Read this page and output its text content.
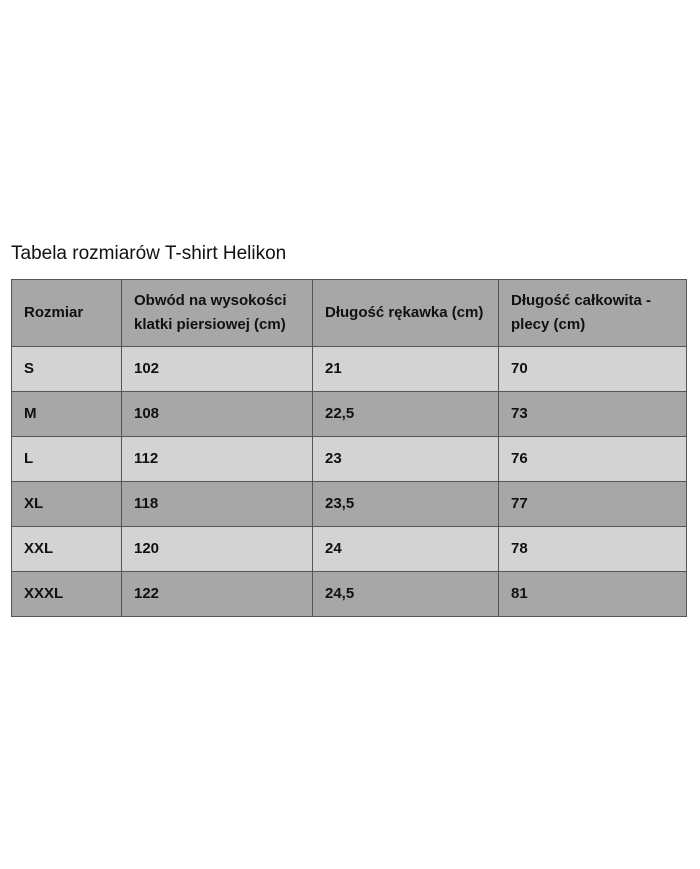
Tabela rozmiarów T-shirt Helikon
Rozmiar	Obwód na wysokości klatki piersiowej (cm)	Długość rękawka (cm)	Długość całkowita - plecy (cm)
S	102	21	70
M	108	22,5	73
L	112	23	76
XL	118	23,5	77
XXL	120	24	78
XXXL	122	24,5	81
